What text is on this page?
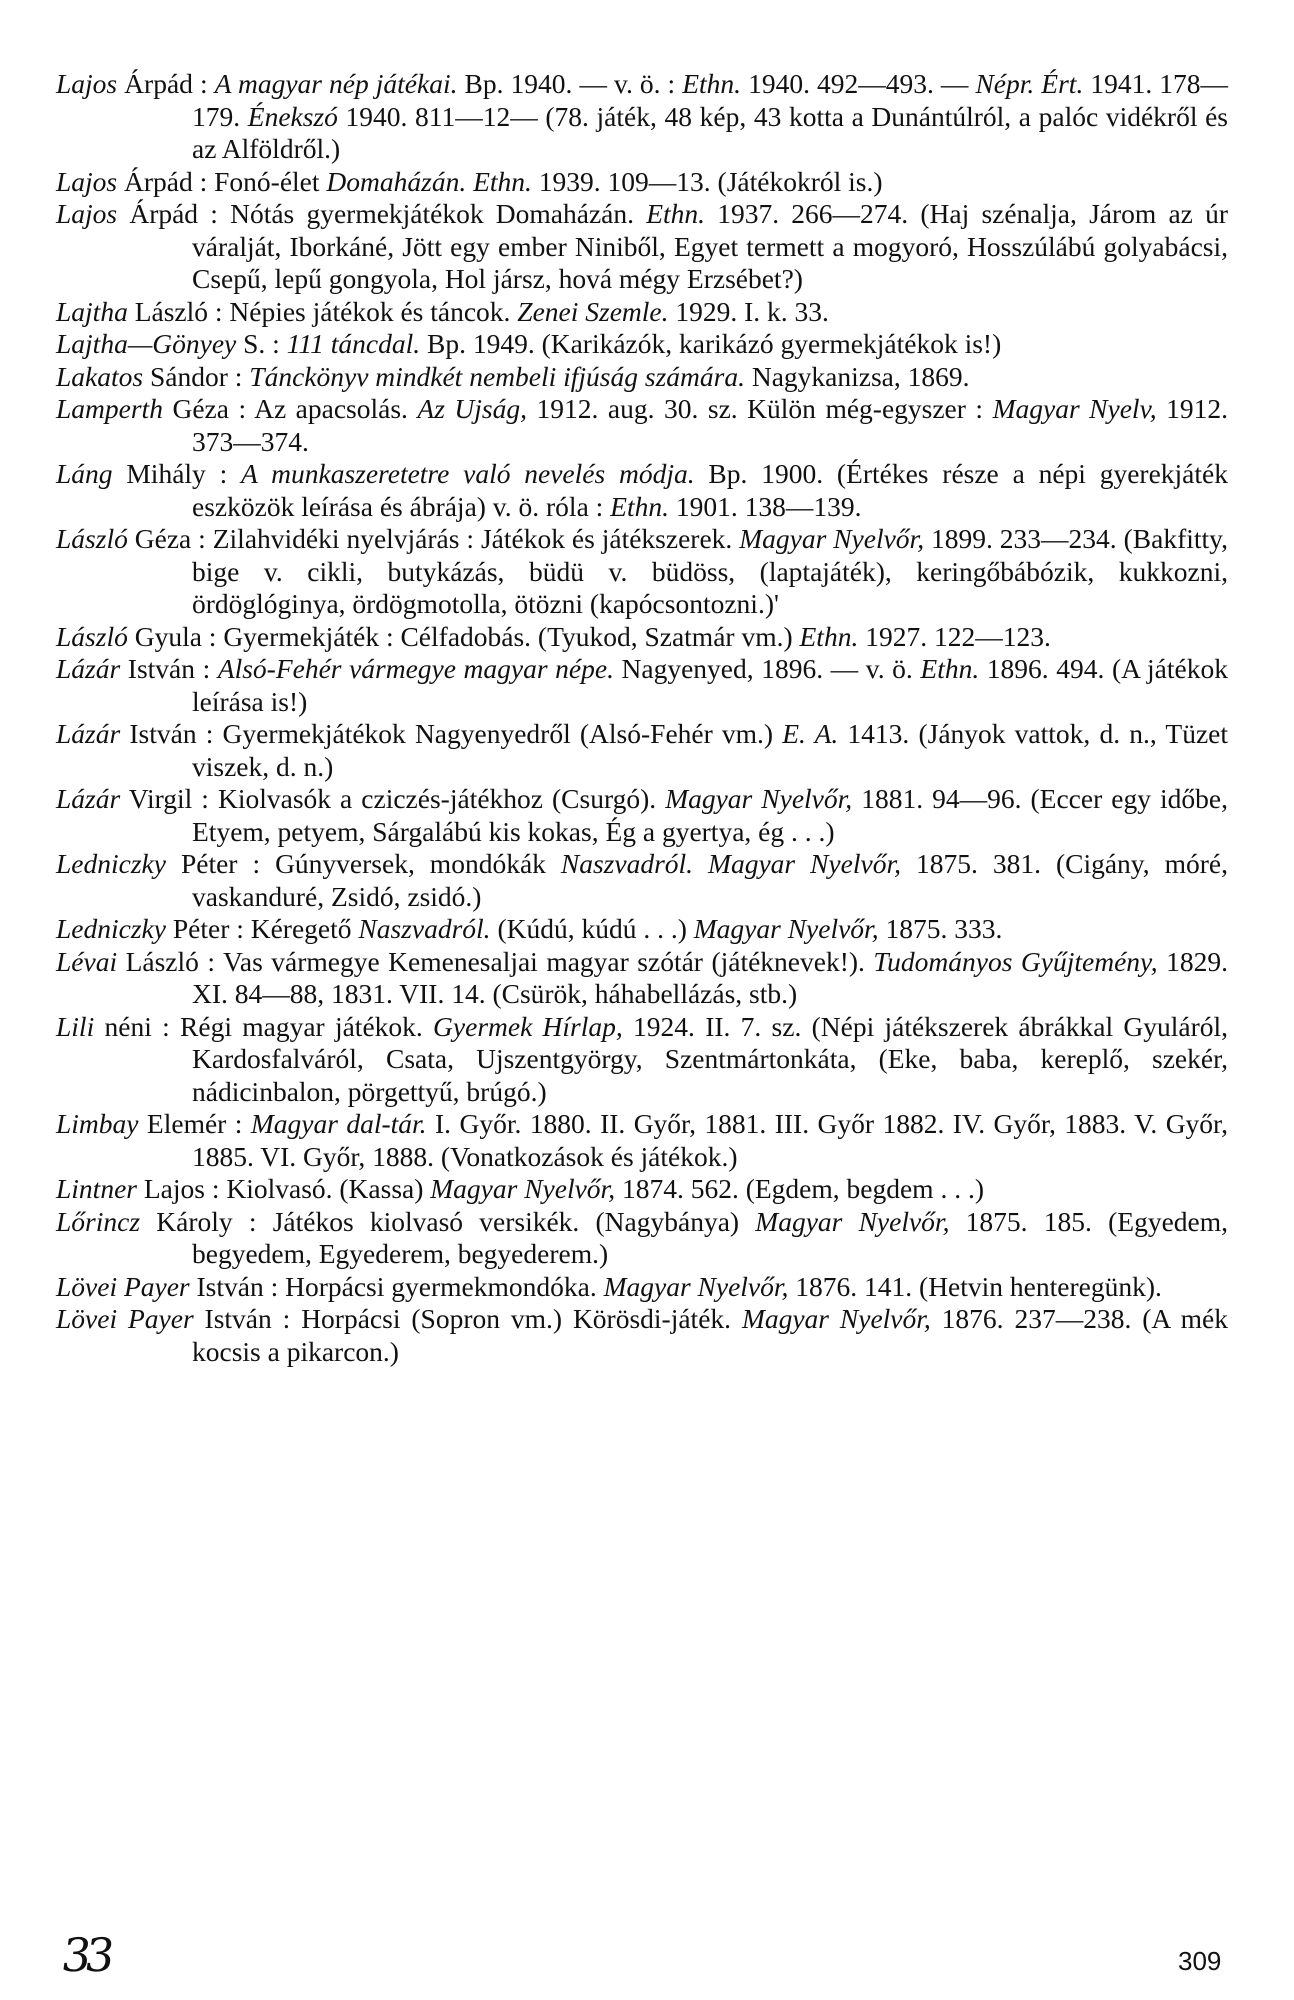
Lajos Árpád : A magyar nép játékai. Bp. 1940. — v. ö. : Ethn. 1940. 492—493. — Népr. Ért. 1941. 178—179. Énekszó 1940. 811—12— (78. játék, 48 kép, 43 kotta a Dunántúlról, a palóc vidékről és az Alföldről.)

Lajos Árpád : Fonó-élet Domaházán. Ethn. 1939. 109—13. (Játékokról is.)

Lajos Árpád : Nótás gyermekjátékok Domaházán. Ethn. 1937. 266—274. (Haj szénalja, Járom az úr váralját, Iborkáné, Jött egy ember Niniből, Egyet termett a mogyoró, Hosszúlábú golyabácsi, Csepű, lepű gongyola, Hol jársz, hová mégy Erzsébet?)

Lajtha László : Népies játékok és táncok. Zenei Szemle. 1929. I. k. 33.

Lajtha—Gönyey S. : 111 táncdal. Bp. 1949. (Karikázók, karikázó gyermekjátékok is!)

Lakatos Sándor : Tánckönyv mindkét nembeli ifjúság számára. Nagykanizsa, 1869.

Lamperth Géza : Az apacsolás. Az Ujság, 1912. aug. 30. sz. Külön még-egyszer : Magyar Nyelv, 1912. 373—374.

Láng Mihály : A munkaszeretetre való nevelés módja. Bp. 1900. (Értékes része a népi gyerekjáték eszközök leírása és ábrája) v. ö. róla : Ethn. 1901. 138—139.

László Géza : Zilahvidéki nyelvjárás : Játékok és játékszerek. Magyar Nyelvőr, 1899. 233—234. (Bakfitty, bige v. cikli, butykázás, büdü v. büdöss, (laptajáték), keringőbábózik, kukkozni, ördöglóginya, ördögmotolla, ötözni (kapócsontozni.)'

László Gyula : Gyermekjáték : Célfadobás. (Tyukod, Szatmár vm.) Ethn. 1927. 122—123.

Lázár István : Alsó-Fehér vármegye magyar népe. Nagyenyed, 1896. — v. ö. Ethn. 1896. 494. (A játékok leírása is!)

Lázár István : Gyermekjátékok Nagyenyedről (Alsó-Fehér vm.) E. A. 1413. (Jányok vattok, d. n., Tüzet viszek, d. n.)

Lázár Virgil : Kiolvasók a cziczés-játékhoz (Csurgó). Magyar Nyelvőr, 1881. 94—96. (Eccer egy időbe, Etyem, petyem, Sárgalábú kis kokas, Ég a gyertya, ég . . .)

Ledniczky Péter : Gúnyversek, mondókák Naszvadról. Magyar Nyelvőr, 1875. 381. (Cigány, móré, vaskanduré, Zsidó, zsidó.)

Ledniczky Péter : Kéregető Naszvadról. (Kúdú, kúdú . . .) Magyar Nyelvőr, 1875. 333.

Lévai László : Vas vármegye Kemenesaljai magyar szótár (játéknevek!). Tudományos Gyűjtemény, 1829. XI. 84—88, 1831. VII. 14. (Csürök, háhabellázás, stb.)

Lili néni : Régi magyar játékok. Gyermek Hírlap, 1924. II. 7. sz. (Népi játékszerek ábrákkal Gyuláról, Kardosfalváról, Csata, Ujszentgyörgy, Szentmártonkáta, (Eke, baba, kereplő, szekér, nádicinbalon, pörgettyű, brúgó.)

Limbay Elemér : Magyar dal-tár. I. Győr. 1880. II. Győr, 1881. III. Győr 1882. IV. Győr, 1883. V. Győr, 1885. VI. Győr, 1888. (Vonatkozások és játékok.)

Lintner Lajos : Kiolvasó. (Kassa) Magyar Nyelvőr, 1874. 562. (Egdem, begdem . . .)

Lőrincz Károly : Játékos kiolvasó versikék. (Nagybánya) Magyar Nyelvőr, 1875. 185. (Egyedem, begyedem, Egyederem, begyederem.)

Lövei Payer István : Horpácsi gyermekmondóka. Magyar Nyelvőr, 1876. 141. (Hetvin henteregünk).

Lövei Payer István : Horpácsi (Sopron vm.) Körösdi-játék. Magyar Nyelvőr, 1876. 237—238. (A mék kocsis a pikarcon.)

33	309
